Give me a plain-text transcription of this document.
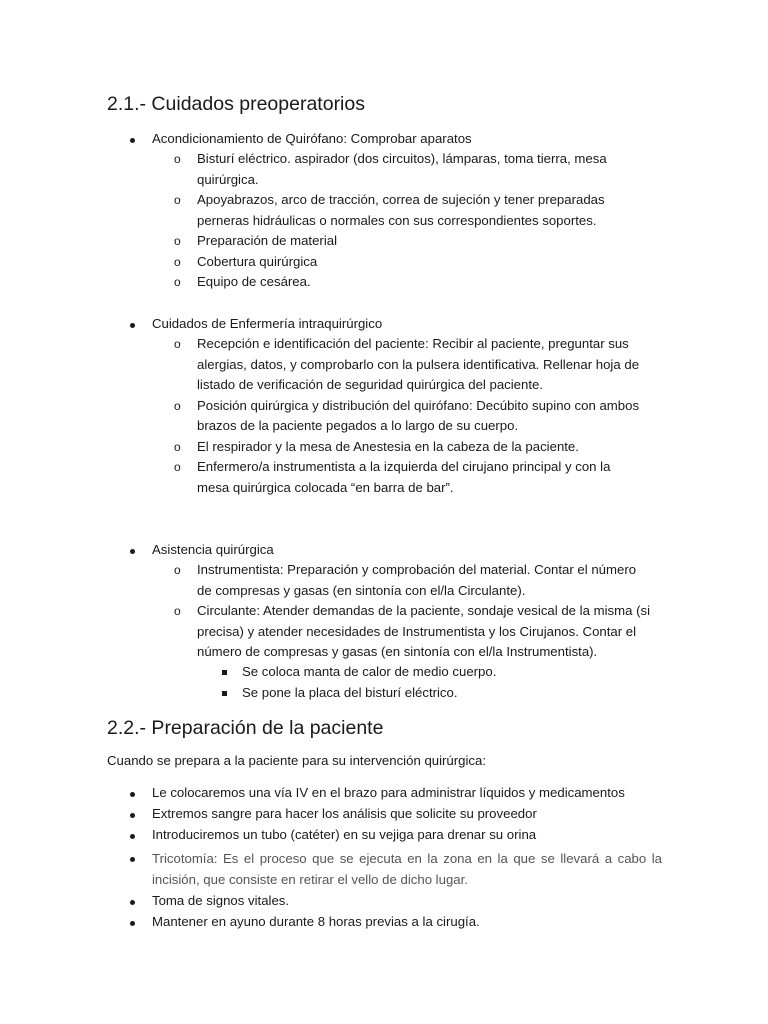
2.1.- Cuidados preoperatorios
Acondicionamiento de Quirófano: Comprobar aparatos
o Bisturí eléctrico. aspirador (dos circuitos), lámparas, toma tierra, mesa
quirúrgica.
o Apoyabrazos, arco de tracción, correa de sujeción y tener preparadas
perneras hidráulicas o normales con sus correspondientes soportes.
o Preparación de material
o Cobertura quirúrgica
o Equipo de cesárea.
Cuidados de Enfermería intraquirúrgico
o Recepción e identificación del paciente: Recibir al paciente, preguntar sus
alergias, datos, y comprobarlo con la pulsera identificativa. Rellenar hoja de
listado de verificación de seguridad quirúrgica del paciente.
o Posición quirúrgica y distribución del quirófano: Decúbito supino con ambos
brazos de la paciente pegados a lo largo de su cuerpo.
o El respirador y la mesa de Anestesia en la cabeza de la paciente.
o Enfermero/a instrumentista a la izquierda del cirujano principal y con la
mesa quirúrgica colocada “en barra de bar”.
Asistencia quirúrgica
o Instrumentista: Preparación y comprobación del material. Contar el número
de compresas y gasas (en sintonía con el/la Circulante).
o Circulante: Atender demandas de la paciente, sondaje vesical de la misma (si
precisa) y atender necesidades de Instrumentista y los Cirujanos. Contar el
número de compresas y gasas (en sintonía con el/la Instrumentista).
Se coloca manta de calor de medio cuerpo.
Se pone la placa del bisturí eléctrico.
2.2.- Preparación de la paciente
Cuando se prepara a la paciente para su intervención quirúrgica:
Le colocaremos una vía IV en el brazo para administrar líquidos y medicamentos
Extremos sangre para hacer los análisis que solicite su proveedor
Introduciremos un tubo (catéter) en su vejiga para drenar su orina
Tricotomía: Es el proceso que se ejecuta en la zona en la que se llevará a cabo la
incisión, que consiste en retirar el vello de dicho lugar.
Toma de signos vitales.
Mantener en ayuno durante 8 horas previas a la cirugía.
